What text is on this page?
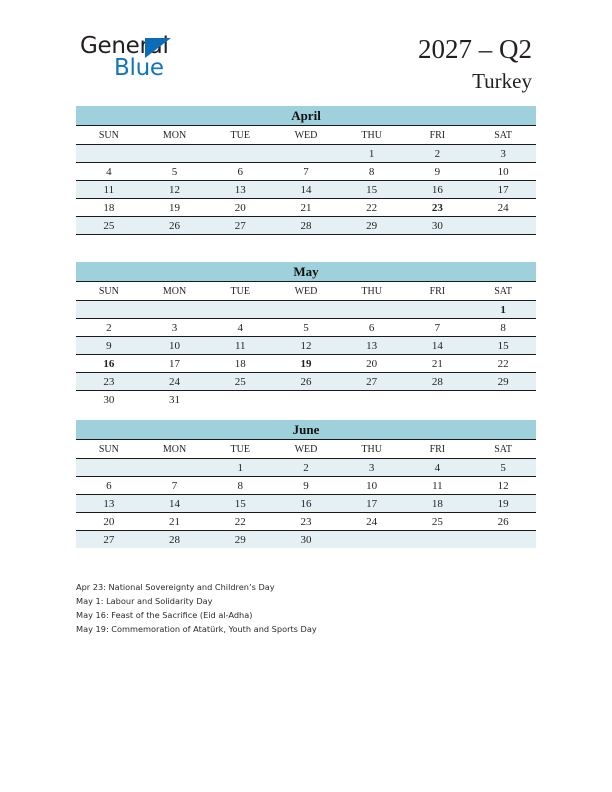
General
Blue
2027 – Q2
Turkey
April						
SUN	MON	TUE	WED	THU	FRI	SAT
				1	2	3
4	5	6	7	8	9	10
11	12	13	14	15	16	17
18	19	20	21	22	23	24
25	26	27	28	29	30	
May						
SUN	MON	TUE	WED	THU	FRI	SAT
						1
2	3	4	5	6	7	8
9	10	11	12	13	14	15
16	17	18	19	20	21	22
23	24	25	26	27	28	29
30	31					
June						
SUN	MON	TUE	WED	THU	FRI	SAT
		1	2	3	4	5
6	7	8	9	10	11	12
13	14	15	16	17	18	19
20	21	22	23	24	25	26
27	28	29	30			
Apr 23: National Sovereignty and Children’s Day
May 1: Labour and Solidarity Day
May 16: Feast of the Sacrifice (Eid al-Adha)
May 19: Commemoration of Atatürk, Youth and Sports Day
